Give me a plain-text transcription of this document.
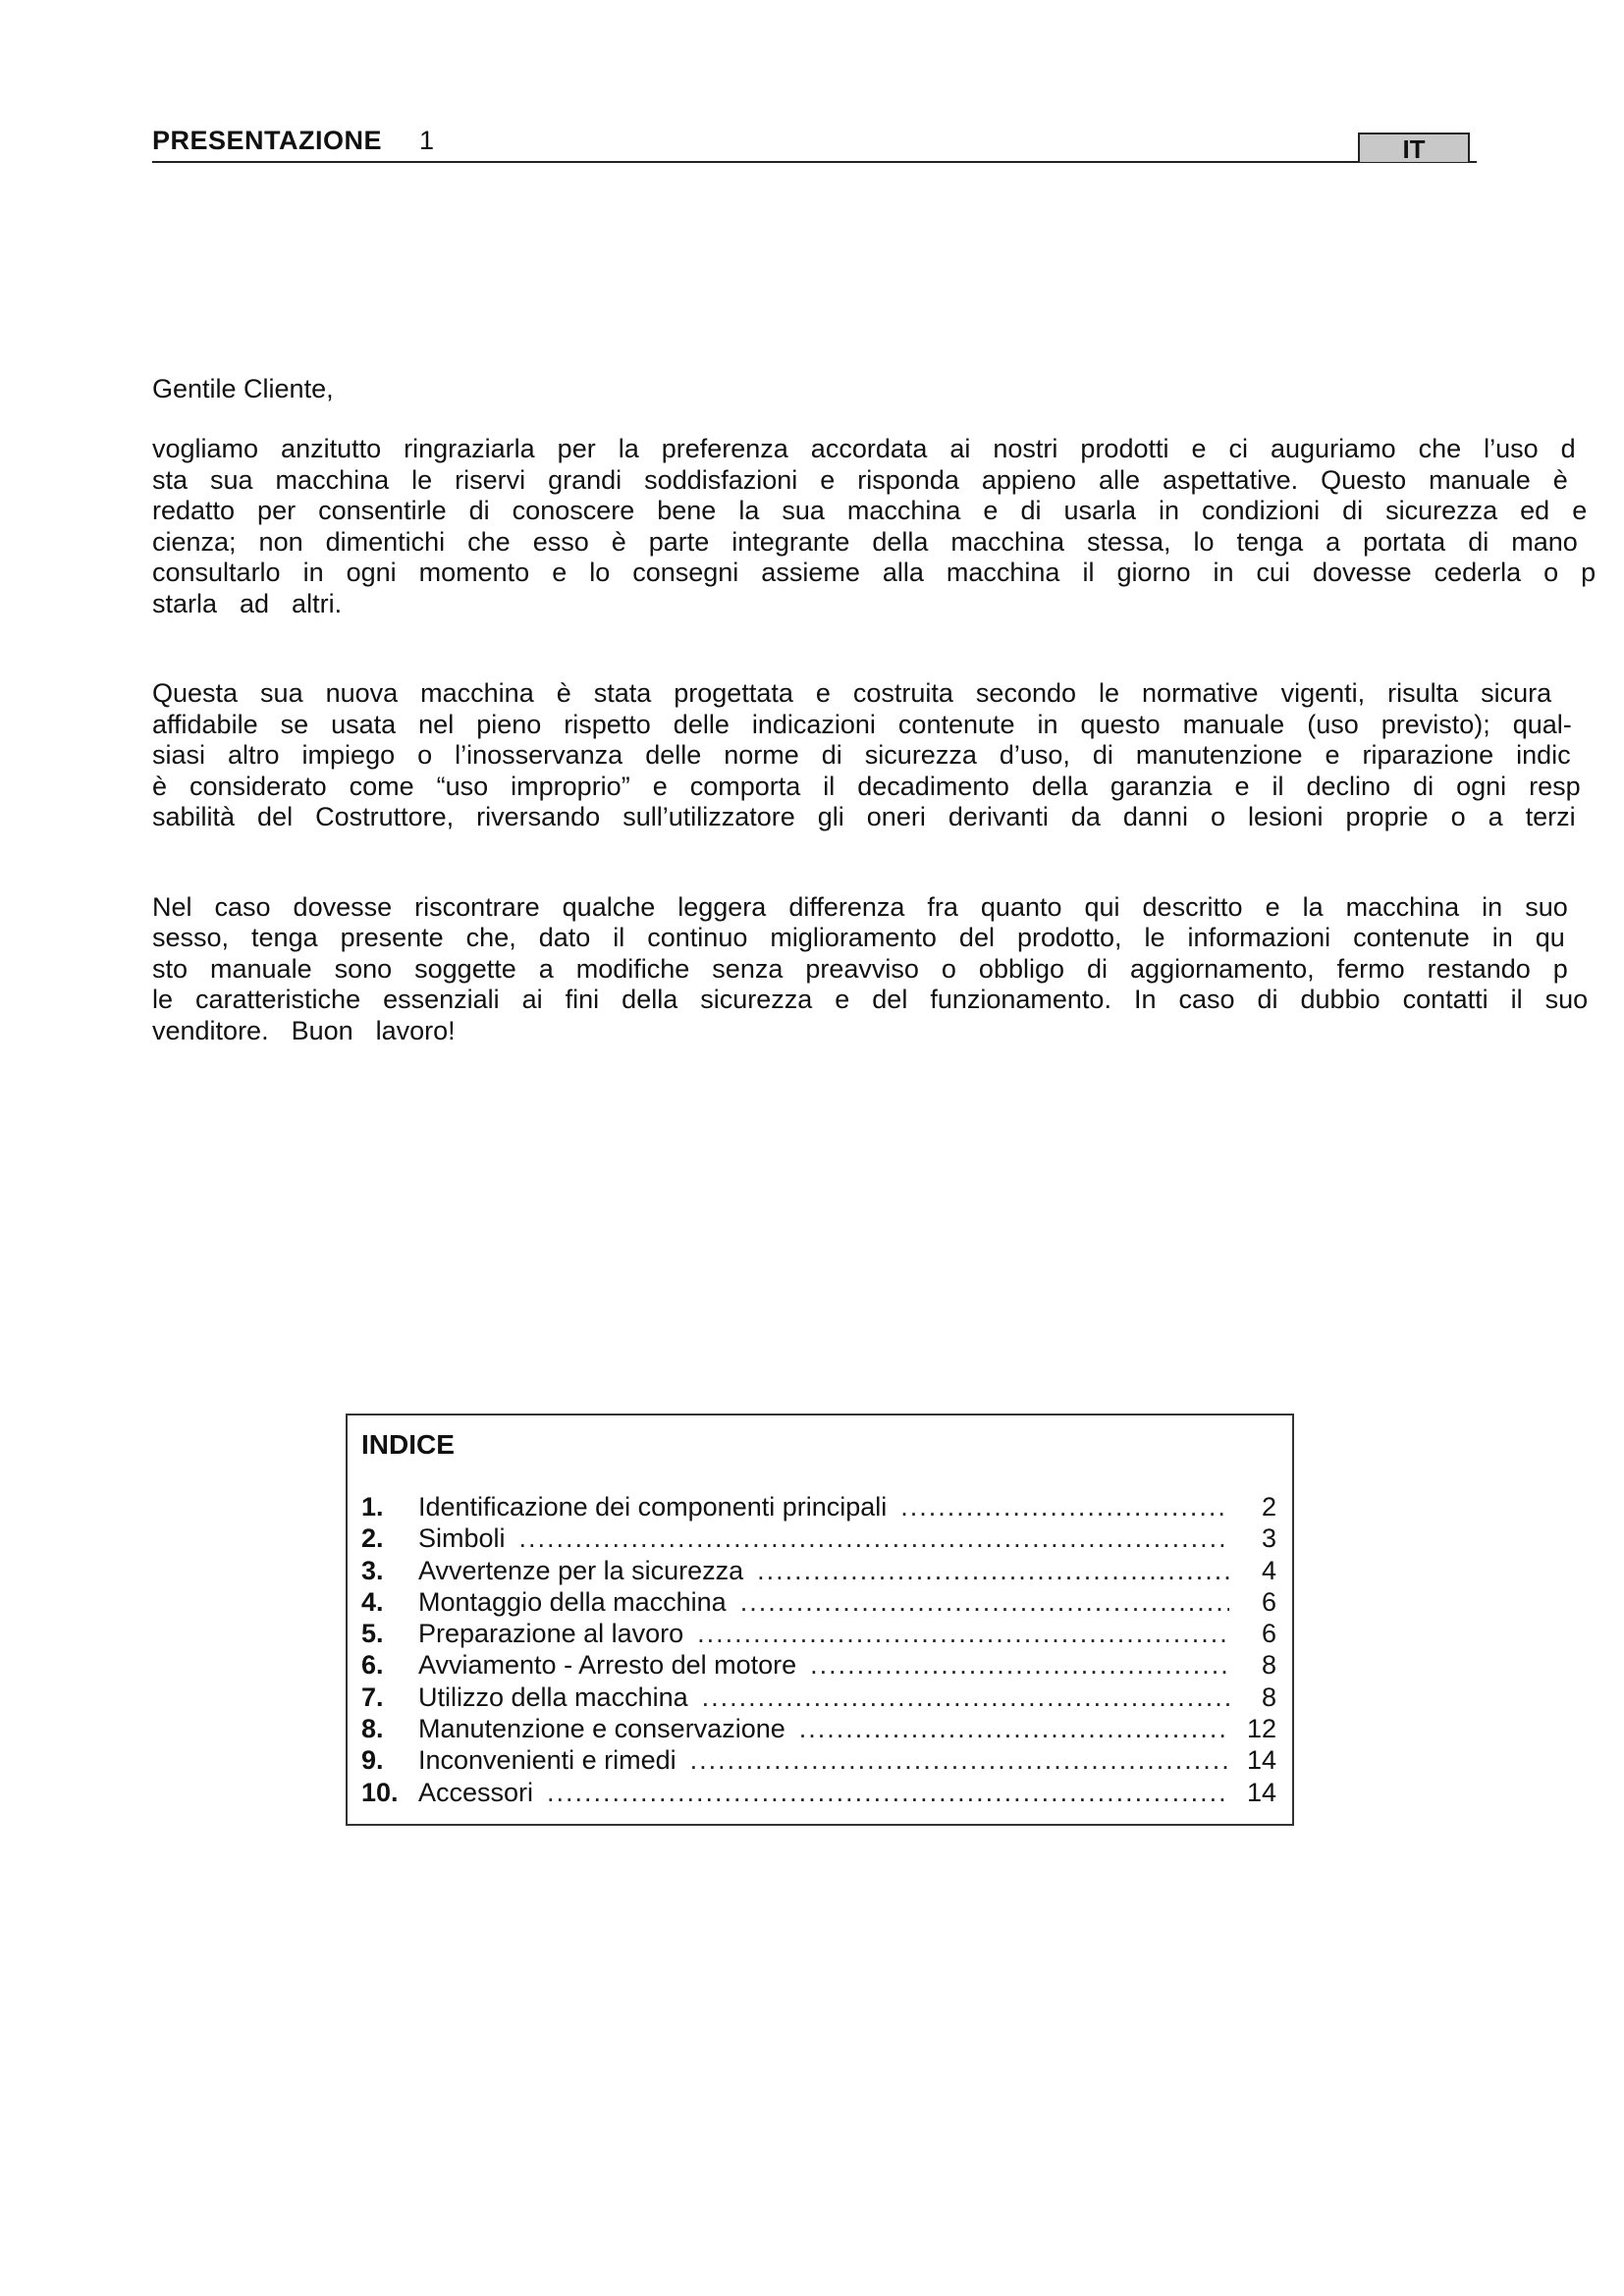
PRESENTAZIONE 1	IT

Gentile Cliente,

vogliamo  anzitutto  ringraziarla  per  la  preferenza  accordata  ai  nostri  prodotti  e  ci  auguriamo  che  l’uso  d
sta  sua  macchina  le  riservi  grandi  soddisfazioni  e  risponda  appieno  alle  aspettative.  Questo  manuale  è
redatto  per  consentirle  di  conoscere  bene  la  sua  macchina  e  di  usarla  in  condizioni  di  sicurezza  ed  e
cienza;  non  dimentichi  che  esso  è  parte  integrante  della  macchina  stessa,  lo  tenga  a  portata  di  mano
consultarlo  in  ogni  momento  e  lo  consegni  assieme  alla  macchina  il  giorno  in  cui  dovesse  cederla  o  p
starla  ad  altri.

Questa  sua  nuova  macchina  è  stata  progettata  e  costruita  secondo  le  normative  vigenti,  risulta  sicura
affidabile  se  usata  nel  pieno  rispetto  delle  indicazioni  contenute  in  questo  manuale  (uso  previsto);  qual-
siasi  altro  impiego  o  l’inosservanza  delle  norme  di  sicurezza  d’uso,  di  manutenzione  e  riparazione  indic
è  considerato  come  “uso  improprio”  e  comporta  il  decadimento  della  garanzia  e  il  declino  di  ogni  resp
sabilità  del  Costruttore,  riversando  sull’utilizzatore  gli  oneri  derivanti  da  danni  o  lesioni  proprie  o  a  terzi

Nel  caso  dovesse  riscontrare  qualche  leggera  differenza  fra  quanto  qui  descritto  e  la  macchina  in  suo
sesso,  tenga  presente  che,  dato  il  continuo  miglioramento  del  prodotto,  le  informazioni  contenute  in  qu
sto  manuale  sono  soggette  a  modifiche  senza  preavviso  o  obbligo  di  aggiornamento,  fermo  restando  p
le  caratteristiche  essenziali  ai  fini  della  sicurezza  e  del  funzionamento.  In  caso  di  dubbio  contatti  il  suo
venditore.  Buon  lavoro!

INDICE
1.	Identificazione dei componenti principali .....	2
2.	Simboli .....	3
3.	Avvertenze per la sicurezza .....	4
4.	Montaggio della macchina .....	6
5.	Preparazione al lavoro .....	6
6.	Avviamento - Arresto del motore .....	8
7.	Utilizzo della macchina .....	8
8.	Manutenzione e conservazione .....	12
9.	Inconvenienti e rimedi .....	14
10. Accessori .....	14
